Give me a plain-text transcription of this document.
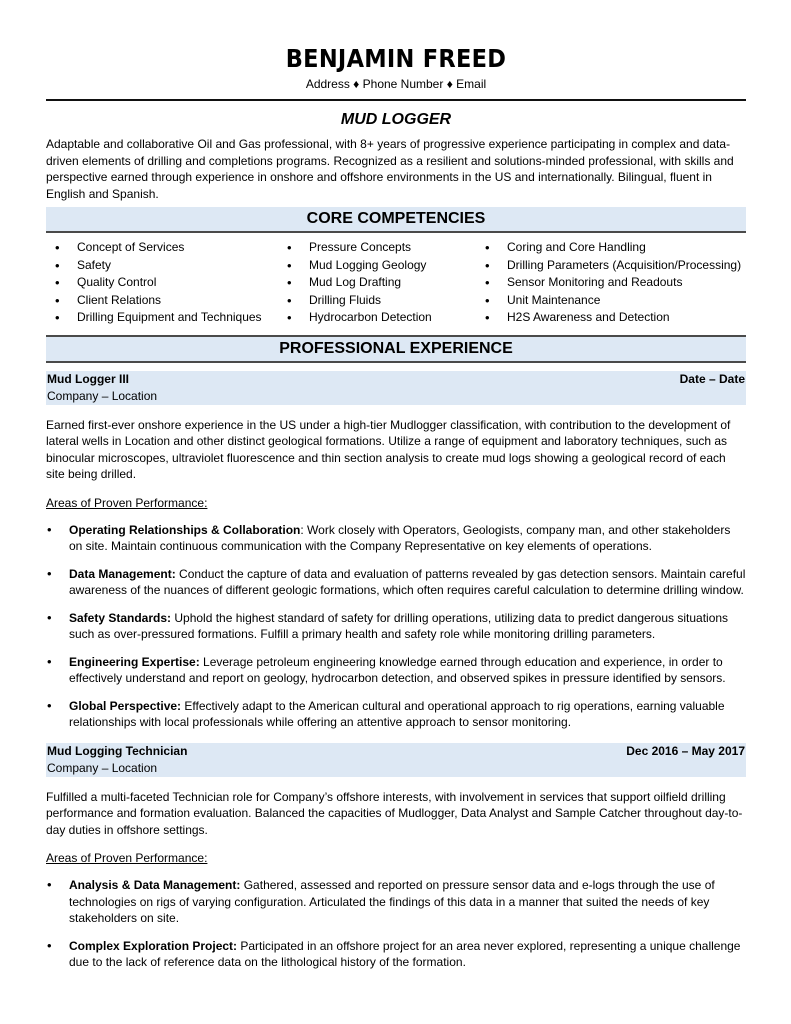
BENJAMIN FREED
Address ♦ Phone Number ♦ Email
MUD LOGGER
Adaptable and collaborative Oil and Gas professional, with 8+ years of progressive experience participating in complex and data-driven elements of drilling and completions programs. Recognized as a resilient and solutions-minded professional, with skills and perspective earned through experience in onshore and offshore environments in the US and internationally. Bilingual, fluent in English and Spanish.
CORE COMPETENCIES
• Concept of Services
• Safety
• Quality Control
• Client Relations
• Drilling Equipment and Techniques
• Pressure Concepts
• Mud Logging Geology
• Mud Log Drafting
• Drilling Fluids
• Hydrocarbon Detection
• Coring and Core Handling
• Drilling Parameters (Acquisition/Processing)
• Sensor Monitoring and Readouts
• Unit Maintenance
• H2S Awareness and Detection
PROFESSIONAL EXPERIENCE
Mud Logger III	Date – Date
Company – Location
Earned first-ever onshore experience in the US under a high-tier Mudlogger classification, with contribution to the development of lateral wells in Location and other distinct geological formations. Utilize a range of equipment and laboratory techniques, such as binocular microscopes, ultraviolet fluorescence and thin section analysis to create mud logs showing a geological record of each site being drilled.
Areas of Proven Performance:
• Operating Relationships & Collaboration: Work closely with Operators, Geologists, company man, and other stakeholders on site. Maintain continuous communication with the Company Representative on key elements of operations.
• Data Management: Conduct the capture of data and evaluation of patterns revealed by gas detection sensors. Maintain careful awareness of the nuances of different geologic formations, which often requires careful calculation to determine drilling window.
• Safety Standards: Uphold the highest standard of safety for drilling operations, utilizing data to predict dangerous situations such as over-pressured formations. Fulfill a primary health and safety role while monitoring drilling parameters.
• Engineering Expertise: Leverage petroleum engineering knowledge earned through education and experience, in order to effectively understand and report on geology, hydrocarbon detection, and observed spikes in pressure identified by sensors.
• Global Perspective: Effectively adapt to the American cultural and operational approach to rig operations, earning valuable relationships with local professionals while offering an attentive approach to sensor monitoring.
Mud Logging Technician	Dec 2016 – May 2017
Company – Location
Fulfilled a multi-faceted Technician role for Company’s offshore interests, with involvement in services that support oilfield drilling performance and formation evaluation. Balanced the capacities of Mudlogger, Data Analyst and Sample Catcher throughout day-to-day duties in offshore settings.
Areas of Proven Performance:
• Analysis & Data Management: Gathered, assessed and reported on pressure sensor data and e-logs through the use of technologies on rigs of varying configuration. Articulated the findings of this data in a manner that suited the needs of key stakeholders on site.
• Complex Exploration Project: Participated in an offshore project for an area never explored, representing a unique challenge due to the lack of reference data on the lithological history of the formation.
